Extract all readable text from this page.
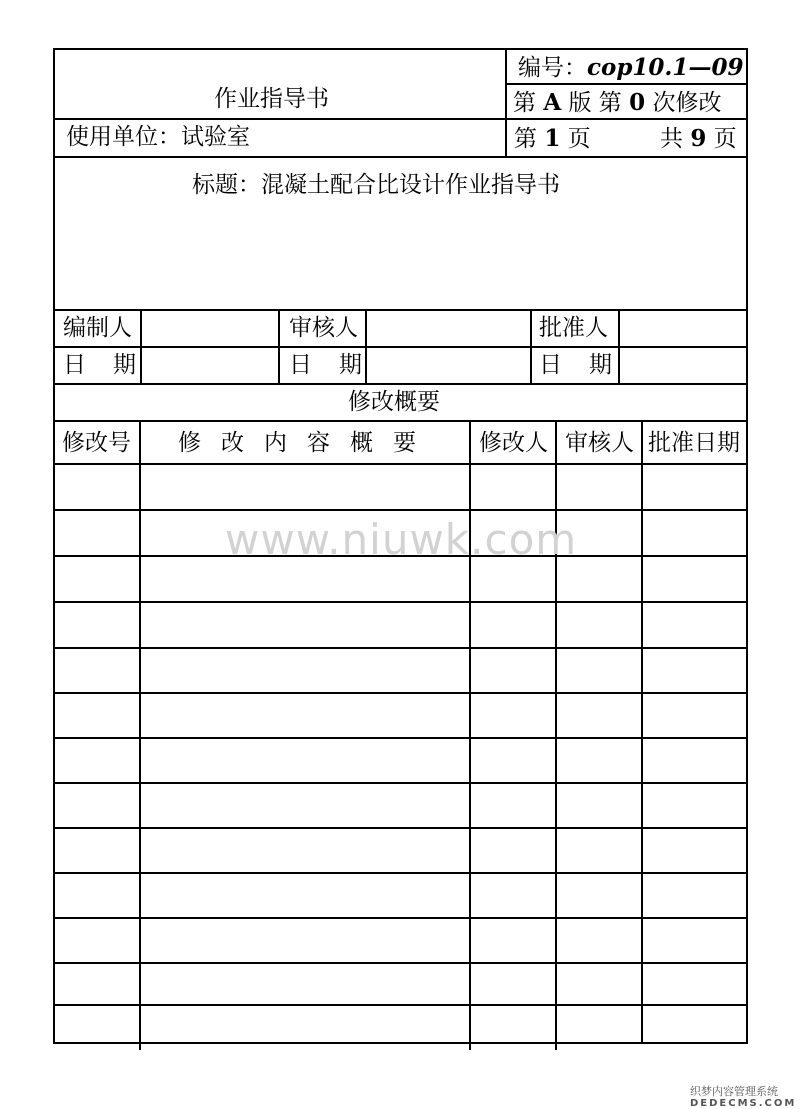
作业指导书
编号：cop10.1—09
第 A 版 第 0 次修改
使用单位：试验室	第 1 页	共 9 页
标题：混凝土配合比设计作业指导书
编制人	审核人	批准人
日期	日期	日期
修改概要
修改号 修改内容概要 修改人 审核人 批准日期
www.niuwk.com
织梦内容管理系统
DEDECMS.COM
